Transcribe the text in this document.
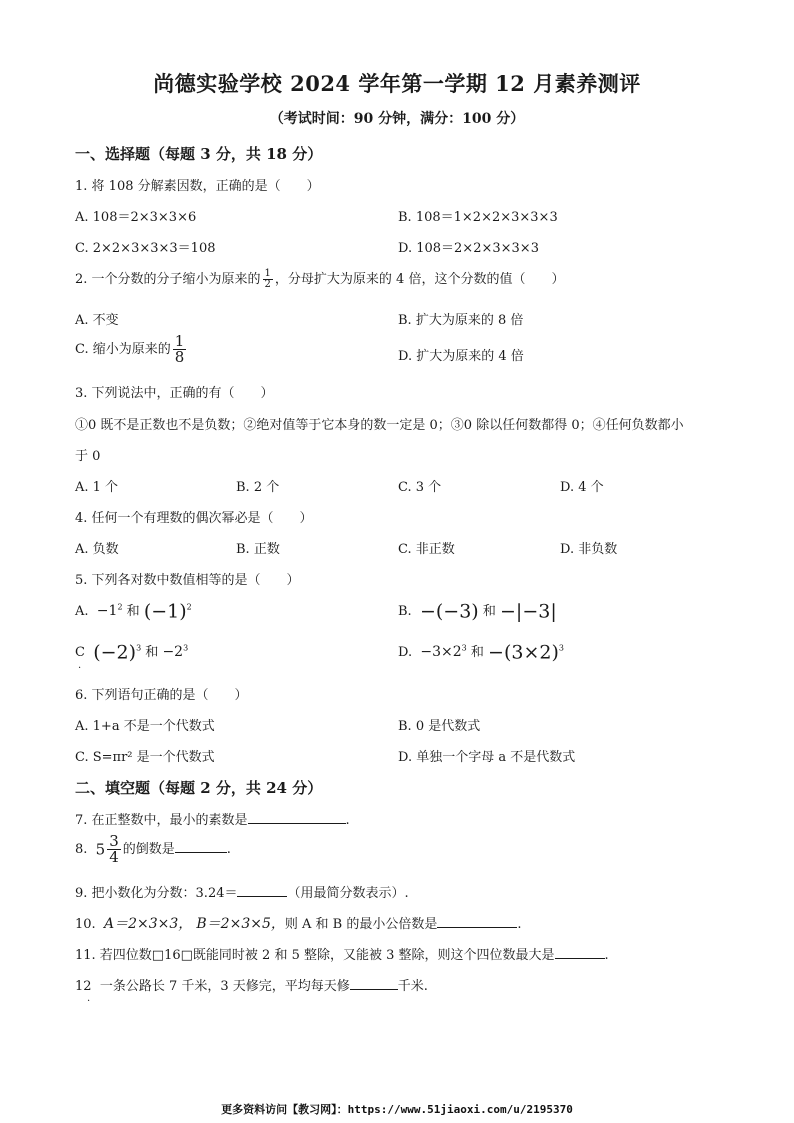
尚德实验学校 2024 学年第一学期 12 月素养测评
（考试时间：90 分钟，满分：100 分）
一、选择题（每题 3 分，共 18 分）
1. 将 108 分解素因数，正确的是（　　）
A. 108＝2×3×3×6	B. 108＝1×2×2×3×3×3
C. 2×2×3×3×3＝108	D. 108＝2×2×3×3×3
2. 一个分数的分子缩小为原来的 $\frac{1}{2}$ ，分母扩大为原来的 4 倍，这个分数的值（　　）
A. 不变	B. 扩大为原来的 8 倍
C. 缩小为原来的 $\frac{1}{8}$	D. 扩大为原来的 4 倍
3. 下列说法中，正确的有（　　）
①0 既不是正数也不是负数；②绝对值等于它本身的数一定是 0；③0 除以任何数都得 0；④任何负数都小
于 0
A. 1 个	B. 2 个	C. 3 个	D. 4 个
4. 任何一个有理数的偶次幂必是（　　）
A. 负数	B. 正数	C. 非正数	D. 非负数
5. 下列各对数中数值相等的是（　　）
A. $-1^2$ 和 $(-1)^2$	B. −(−3) 和 −|−3|
C $(-2)^3$ 和 $-2^3$
.
D. $-3\times 2^3$ 和 $-(3\times 2)^3$
6. 下列语句正确的是（　　）
A. 1+a 不是一个代数式	B. 0 是代数式
C. S=πr² 是一个代数式	D. 单独一个字母 a 不是代数式
二、填空题（每题 2 分，共 24 分）
7. 在正整数中，最小的素数是	.
8. $5 \frac{3}{4}$ 的倒数是	.
9. 把小数化为分数：3.24＝	（用最简分数表示）.
10. A＝2×3×3， B＝2×3×5，则 A 和 B 的最小公倍数是	.
11. 若四位数□16□既能同时被 2 和 5 整除，又能被 3 整除，则这个四位数最大是	.
12 一条公路长 7 千米，3 天修完，平均每天修	千米.
.
更多资料访问【教习网】：https://www.51jiaoxi.com/u/2195370
